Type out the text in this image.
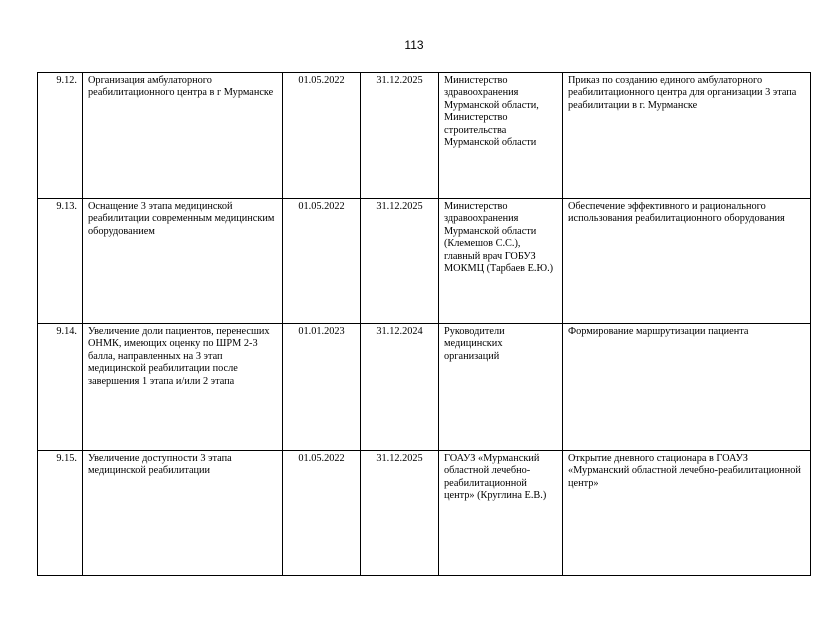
113
9.12.	Организация амбулаторного реабилитационного центра в г Мурманске	01.05.2022	31.12.2025	Министерство здравоохранения Мурманской области, Министерство строительства Мурманской области	Приказ по созданию единого амбулаторного реабилитационного центра для организации 3 этапа реабилитации в г. Мурманске
9.13.	Оснащение 3 этапа медицинской реабилитации современным медицинским оборудованием	01.05.2022	31.12.2025	Министерство здравоохранения Мурманской области (Клемешов С.С.), главный врач ГОБУЗ МОКМЦ (Тарбаев Е.Ю.)	Обеспечение эффективного и рационального использования реабилитационного оборудования
9.14.	Увеличение доли пациентов, перенесших ОНМК, имеющих оценку по ШРМ 2-3 балла, направленных на 3 этап медицинской реабилитации после завершения 1 этапа и/или 2 этапа	01.01.2023	31.12.2024	Руководители медицинских организаций	Формирование маршрутизации пациента
9.15.	Увеличение доступности 3 этапа медицинской реабилитации	01.05.2022	31.12.2025	ГОАУЗ «Мурманский областной лечебно-реабилитационной центр» (Круглина Е.В.)	Открытие дневного стационара в ГОАУЗ «Мурманский областной лечебно-реабилитационной центр»
